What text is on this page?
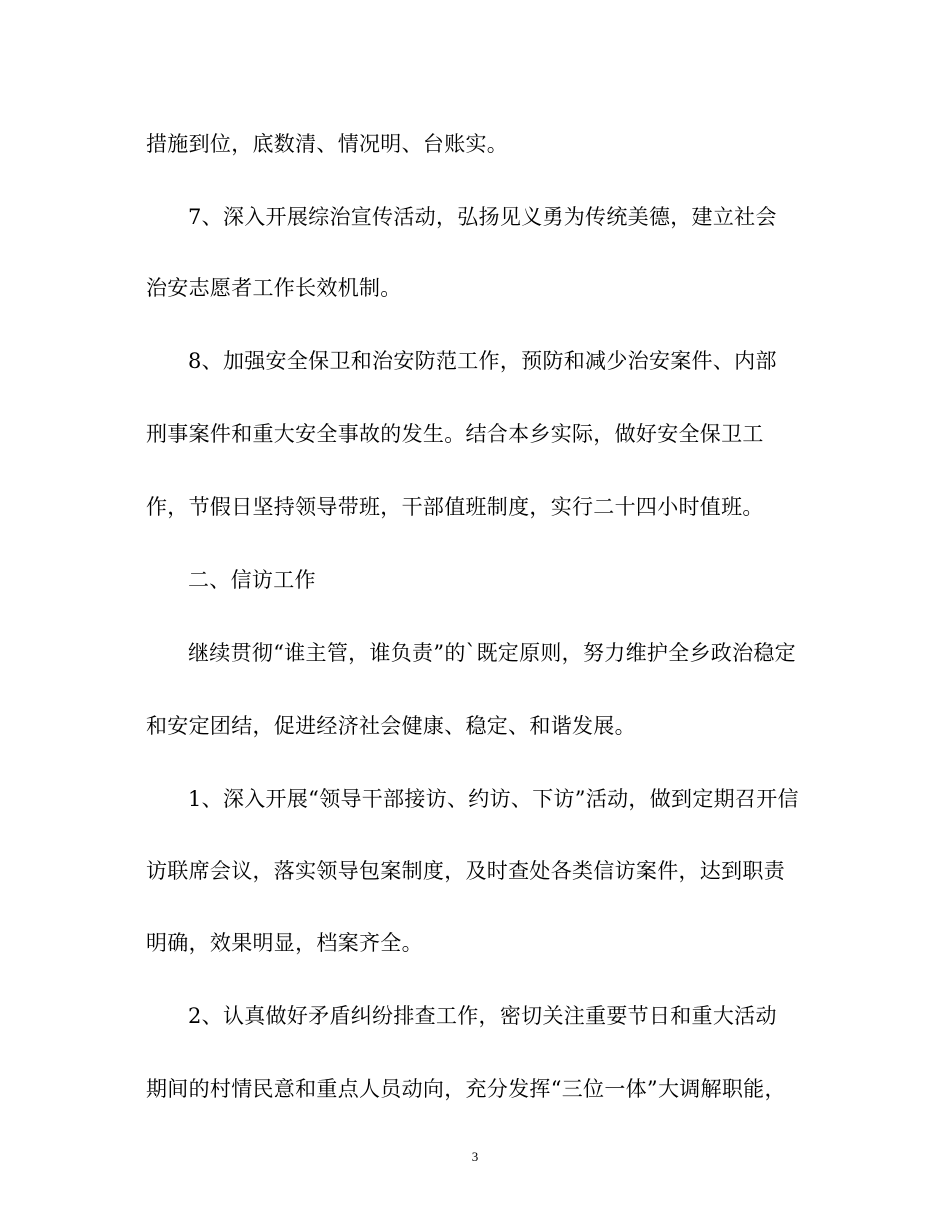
措施到位，底数清、情况明、台账实。
7、深入开展综治宣传活动，弘扬见义勇为传统美德，建立社会
治安志愿者工作长效机制。
8、加强安全保卫和治安防范工作，预防和减少治安案件、内部
刑事案件和重大安全事故的发生。结合本乡实际，做好安全保卫工
作，节假日坚持领导带班，干部值班制度，实行二十四小时值班。
二、信访工作
继续贯彻“谁主管，谁负责”的`既定原则，努力维护全乡政治稳定
和安定团结，促进经济社会健康、稳定、和谐发展。
1、深入开展“领导干部接访、约访、下访”活动，做到定期召开信
访联席会议，落实领导包案制度，及时查处各类信访案件，达到职责
明确，效果明显，档案齐全。
2、认真做好矛盾纠纷排查工作，密切关注重要节日和重大活动
期间的村情民意和重点人员动向，充分发挥“三位一体”大调解职能，
3
